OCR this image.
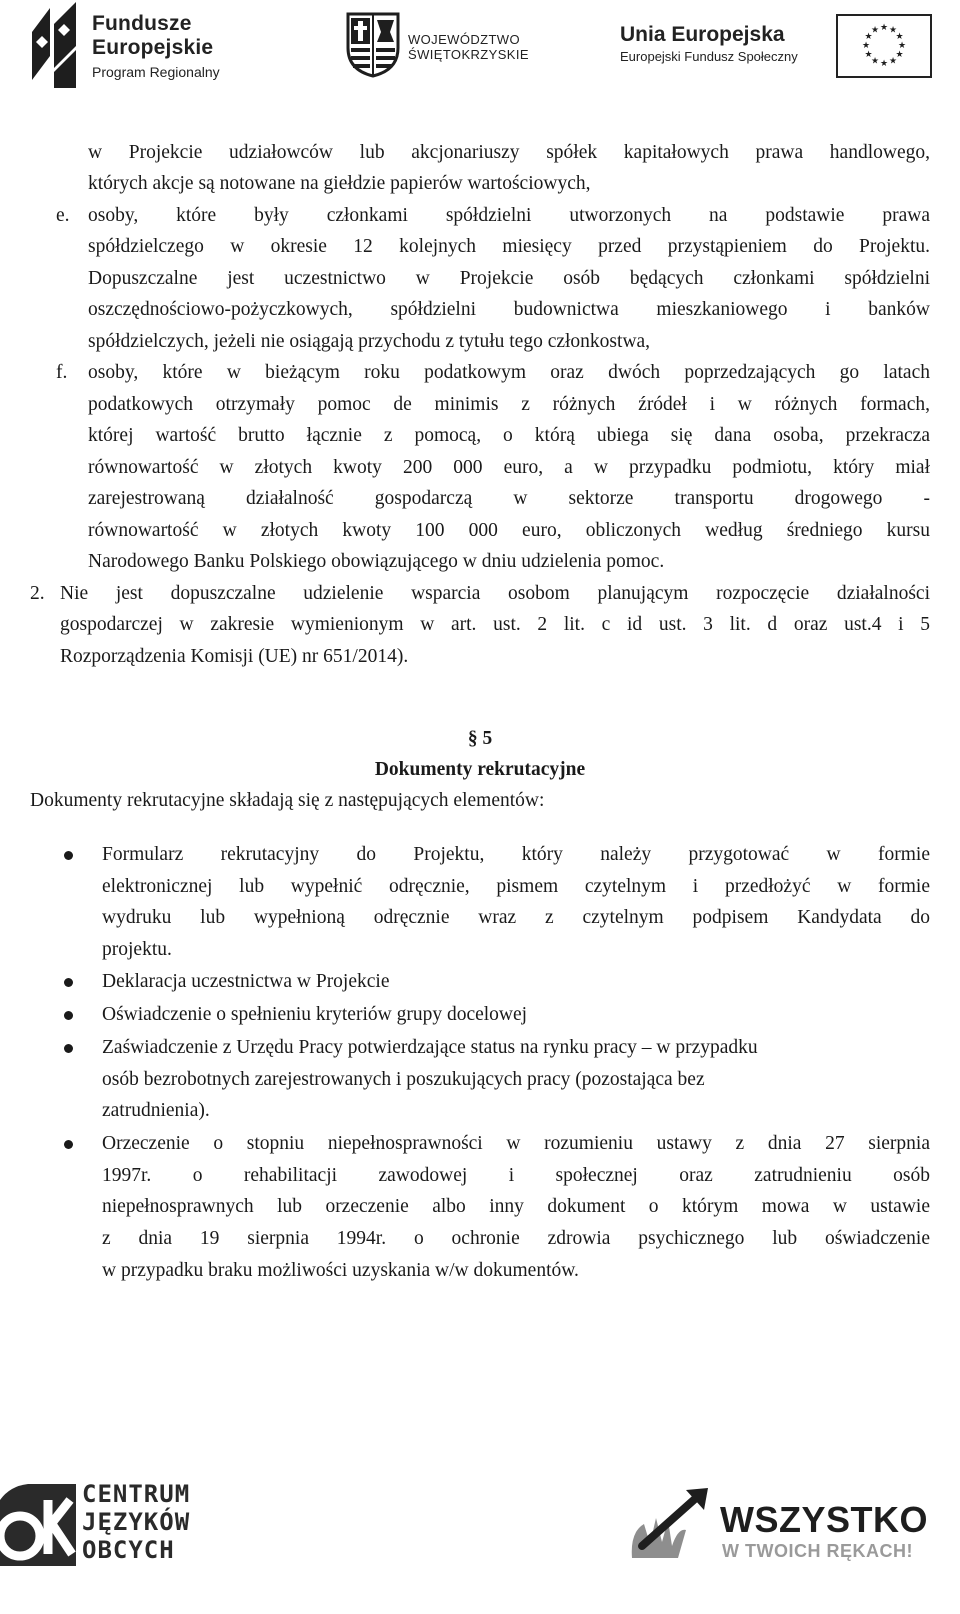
Fundusze
Europejskie
Program Regionalny
WOJEWÓDZTWO
ŚWIĘTOKRZYSKIE
Unia Europejska
Europejski Fundusz Społeczny
★ ★
★
★
★
★
★
★
★
★
★
★
w Projekcie udziałowców lub akcjonariuszy spółek kapitałowych prawa handlowego,
których akcje są notowane na giełdzie papierów wartościowych,
e. osoby, które były członkami spółdzielni utworzonych na podstawie prawa
spółdzielczego w okresie 12 kolejnych miesięcy przed przystąpieniem do Projektu.
Dopuszczalne jest uczestnictwo w Projekcie osób będących członkami spółdzielni
oszczędnościowo-pożyczkowych, spółdzielni budownictwa mieszkaniowego i banków
spółdzielczych, jeżeli nie osiągają przychodu z tytułu tego członkostwa,
f. osoby, które w bieżącym roku podatkowym oraz dwóch poprzedzających go latach
podatkowych otrzymały pomoc de minimis z różnych źródeł i w różnych formach,
której wartość brutto łącznie z pomocą, o którą ubiega się dana osoba, przekracza
równowartość w złotych kwoty 200 000 euro, a w przypadku podmiotu, który miał
zarejestrowaną działalność gospodarczą w sektorze transportu drogowego -
równowartość w złotych kwoty 100 000 euro, obliczonych według średniego kursu
Narodowego Banku Polskiego obowiązującego w dniu udzielenia pomoc.
2. Nie jest dopuszczalne udzielenie wsparcia osobom planującym rozpoczęcie działalności
gospodarczej w zakresie wymienionym w art. ust. 2 lit. c id ust. 3 lit. d oraz ust.4 i 5
Rozporządzenia Komisji (UE) nr 651/2014).
§ 5
Dokumenty rekrutacyjne
Dokumenty rekrutacyjne składają się z następujących elementów:
Formularz rekrutacyjny do Projektu, który należy przygotować w formie
elektronicznej lub wypełnić odręcznie, pismem czytelnym i przedłożyć w formie
wydruku lub wypełnioną odręcznie wraz z czytelnym podpisem Kandydata do
projektu.
Deklaracja uczestnictwa w Projekcie
Oświadczenie o spełnieniu kryteriów grupy docelowej
Zaświadczenie z Urzędu Pracy potwierdzające status na rynku pracy – w przypadku
osób bezrobotnych zarejestrowanych i poszukujących pracy (pozostająca bez
zatrudnienia).
Orzeczenie o stopniu niepełnosprawności w rozumieniu ustawy z dnia 27 sierpnia
1997r. o rehabilitacji zawodowej i społecznej oraz zatrudnieniu osób
niepełnosprawnych lub orzeczenie albo inny dokument o którym mowa w ustawie
z dnia 19 sierpnia 1994r. o ochronie zdrowia psychicznego lub oświadczenie
w przypadku braku możliwości uzyskania w/w dokumentów.
CENTRUM
JĘZYKÓW
OBCYCH
WSZYSTKO
W TWOICH RĘKACH!
